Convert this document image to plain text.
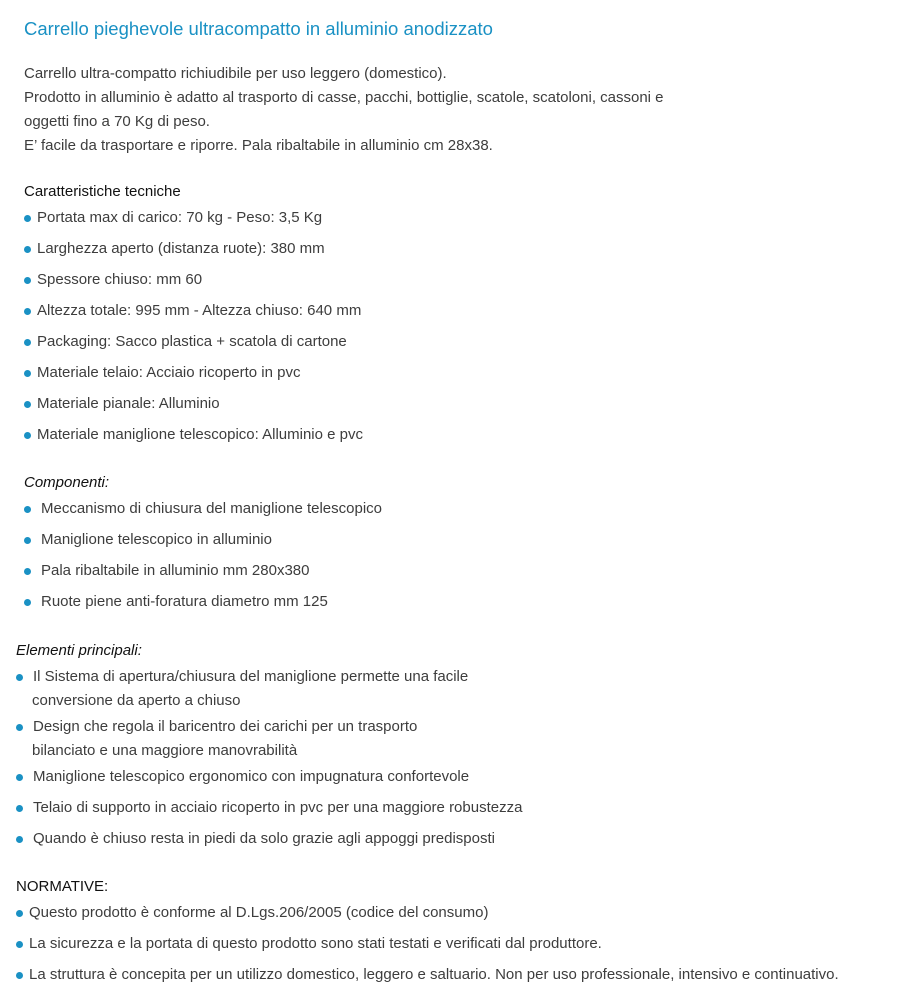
Carrello pieghevole ultracompatto in alluminio anodizzato
Carrello ultra-compatto richiudibile per uso leggero (domestico).
Prodotto in alluminio è adatto al trasporto di casse, pacchi, bottiglie, scatole, scatoloni, cassoni e
oggetti fino a 70 Kg di peso.
E’ facile da trasportare e riporre. Pala ribaltabile in alluminio cm 28x38.
Caratteristiche tecniche
Portata max di carico: 70 kg - Peso: 3,5 Kg
Larghezza aperto (distanza ruote): 380 mm
Spessore chiuso: mm 60
Altezza totale: 995 mm - Altezza chiuso: 640 mm
Packaging: Sacco plastica + scatola di cartone
Materiale telaio: Acciaio ricoperto in pvc
Materiale pianale: Alluminio
Materiale maniglione telescopico: Alluminio e pvc
Componenti:
Meccanismo di chiusura del maniglione telescopico
Maniglione telescopico in alluminio
Pala ribaltabile in alluminio mm 280x380
Ruote piene anti-foratura diametro mm 125
Elementi principali:
Il Sistema di apertura/chiusura del maniglione permette una facile
conversione da aperto a chiuso
Design che regola il baricentro dei carichi per un trasporto
bilanciato e una maggiore manovrabilità
Maniglione telescopico ergonomico con impugnatura confortevole
Telaio di supporto in acciaio ricoperto in pvc per una maggiore robustezza
Quando è chiuso resta in piedi da solo grazie agli appoggi predisposti
NORMATIVE:
Questo prodotto è conforme al D.Lgs.206/2005 (codice del consumo)
La sicurezza e la portata di questo prodotto sono stati testati e verificati dal produttore.
La struttura è concepita per un utilizzo domestico, leggero e saltuario. Non per uso professionale, intensivo e continuativo.
